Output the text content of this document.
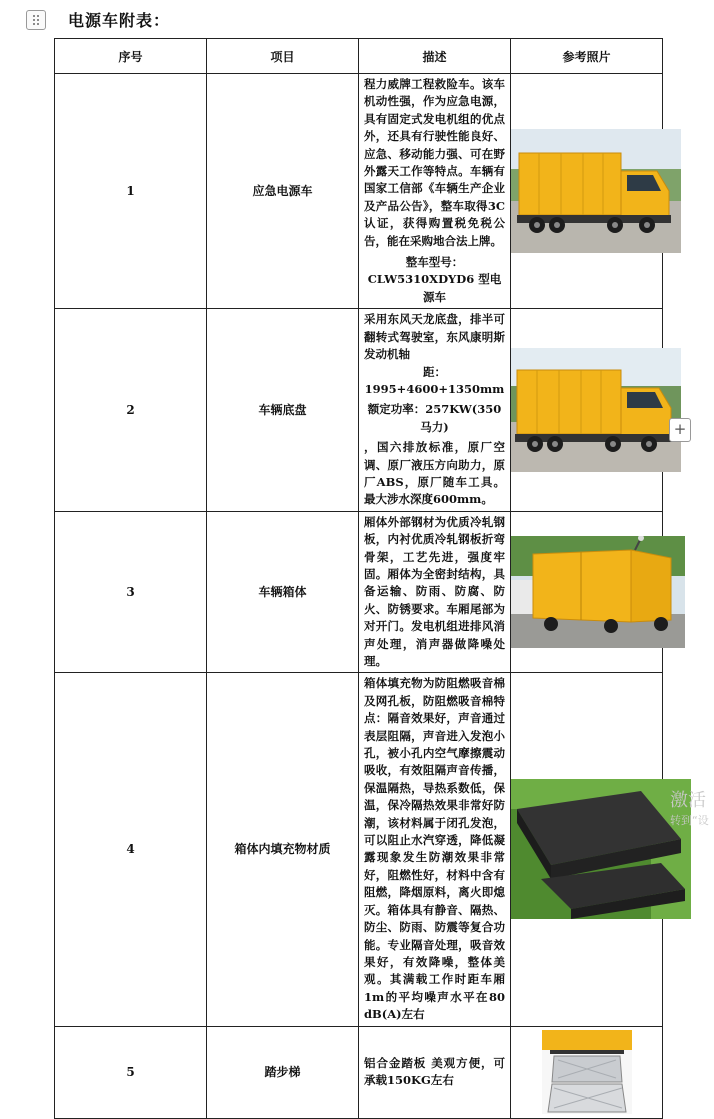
电源车附表：
序号	项目	描述	参考照片
1	应急电源车	程力威牌工程救险车。该车机动性强，作为应急电源，具有固定式发电机组的优点外，还具有行驶性能良好、应急、移动能力强、可在野外露天工作等特点。车辆有国家工信部《车辆生产企业及产品公告》，整车取得3C认证，获得购置税免税公告，能在采购地合法上牌。

整车型号：CLW5310XDYD6 型电源车

2	车辆底盘	采用东风天龙底盘，排半可翻转式驾驶室，东风康明斯发动机轴

距：1995+4600+1350mm

额定功率：257KW(350马力)

，国六排放标准，原厂空调、原厂液压方向助力，原厂ABS，原厂随车工具。最大涉水深度600mm。

3	车辆箱体	厢体外部钢材为优质冷轧钢板，内衬优质冷轧钢板折弯骨架，工艺先进，强度牢固。厢体为全密封结构，具备运输、防雨、防腐、防火、防锈要求。车厢尾部为对开门。发电机组进排风消声处理，消声器做降噪处理。

4	箱体内填充物材质	箱体填充物为防阻燃吸音棉及网孔板，防阻燃吸音棉特点：隔音效果好，声音通过表层阻隔，声音进入发泡小孔，被小孔内空气摩擦震动吸收，有效阻隔声音传播，保温隔热，导热系数低，保温，保冷隔热效果非常好防潮，该材料属于闭孔发泡，可以阻止水汽穿透，降低凝露现象发生防潮效果非常好，阻燃性好，材料中含有阻燃，降烟原料，离火即熄灭。箱体具有静音、隔热、防尘、防雨、防震等复合功能。专业隔音处理，吸音效果好，有效降噪，整体美观。其满载工作时距车厢1m的平均噪声水平在80 dB(A)左右

5	踏步梯	铝合金踏板 美观方便，可承载150KG左右

+
激活
转到“设
